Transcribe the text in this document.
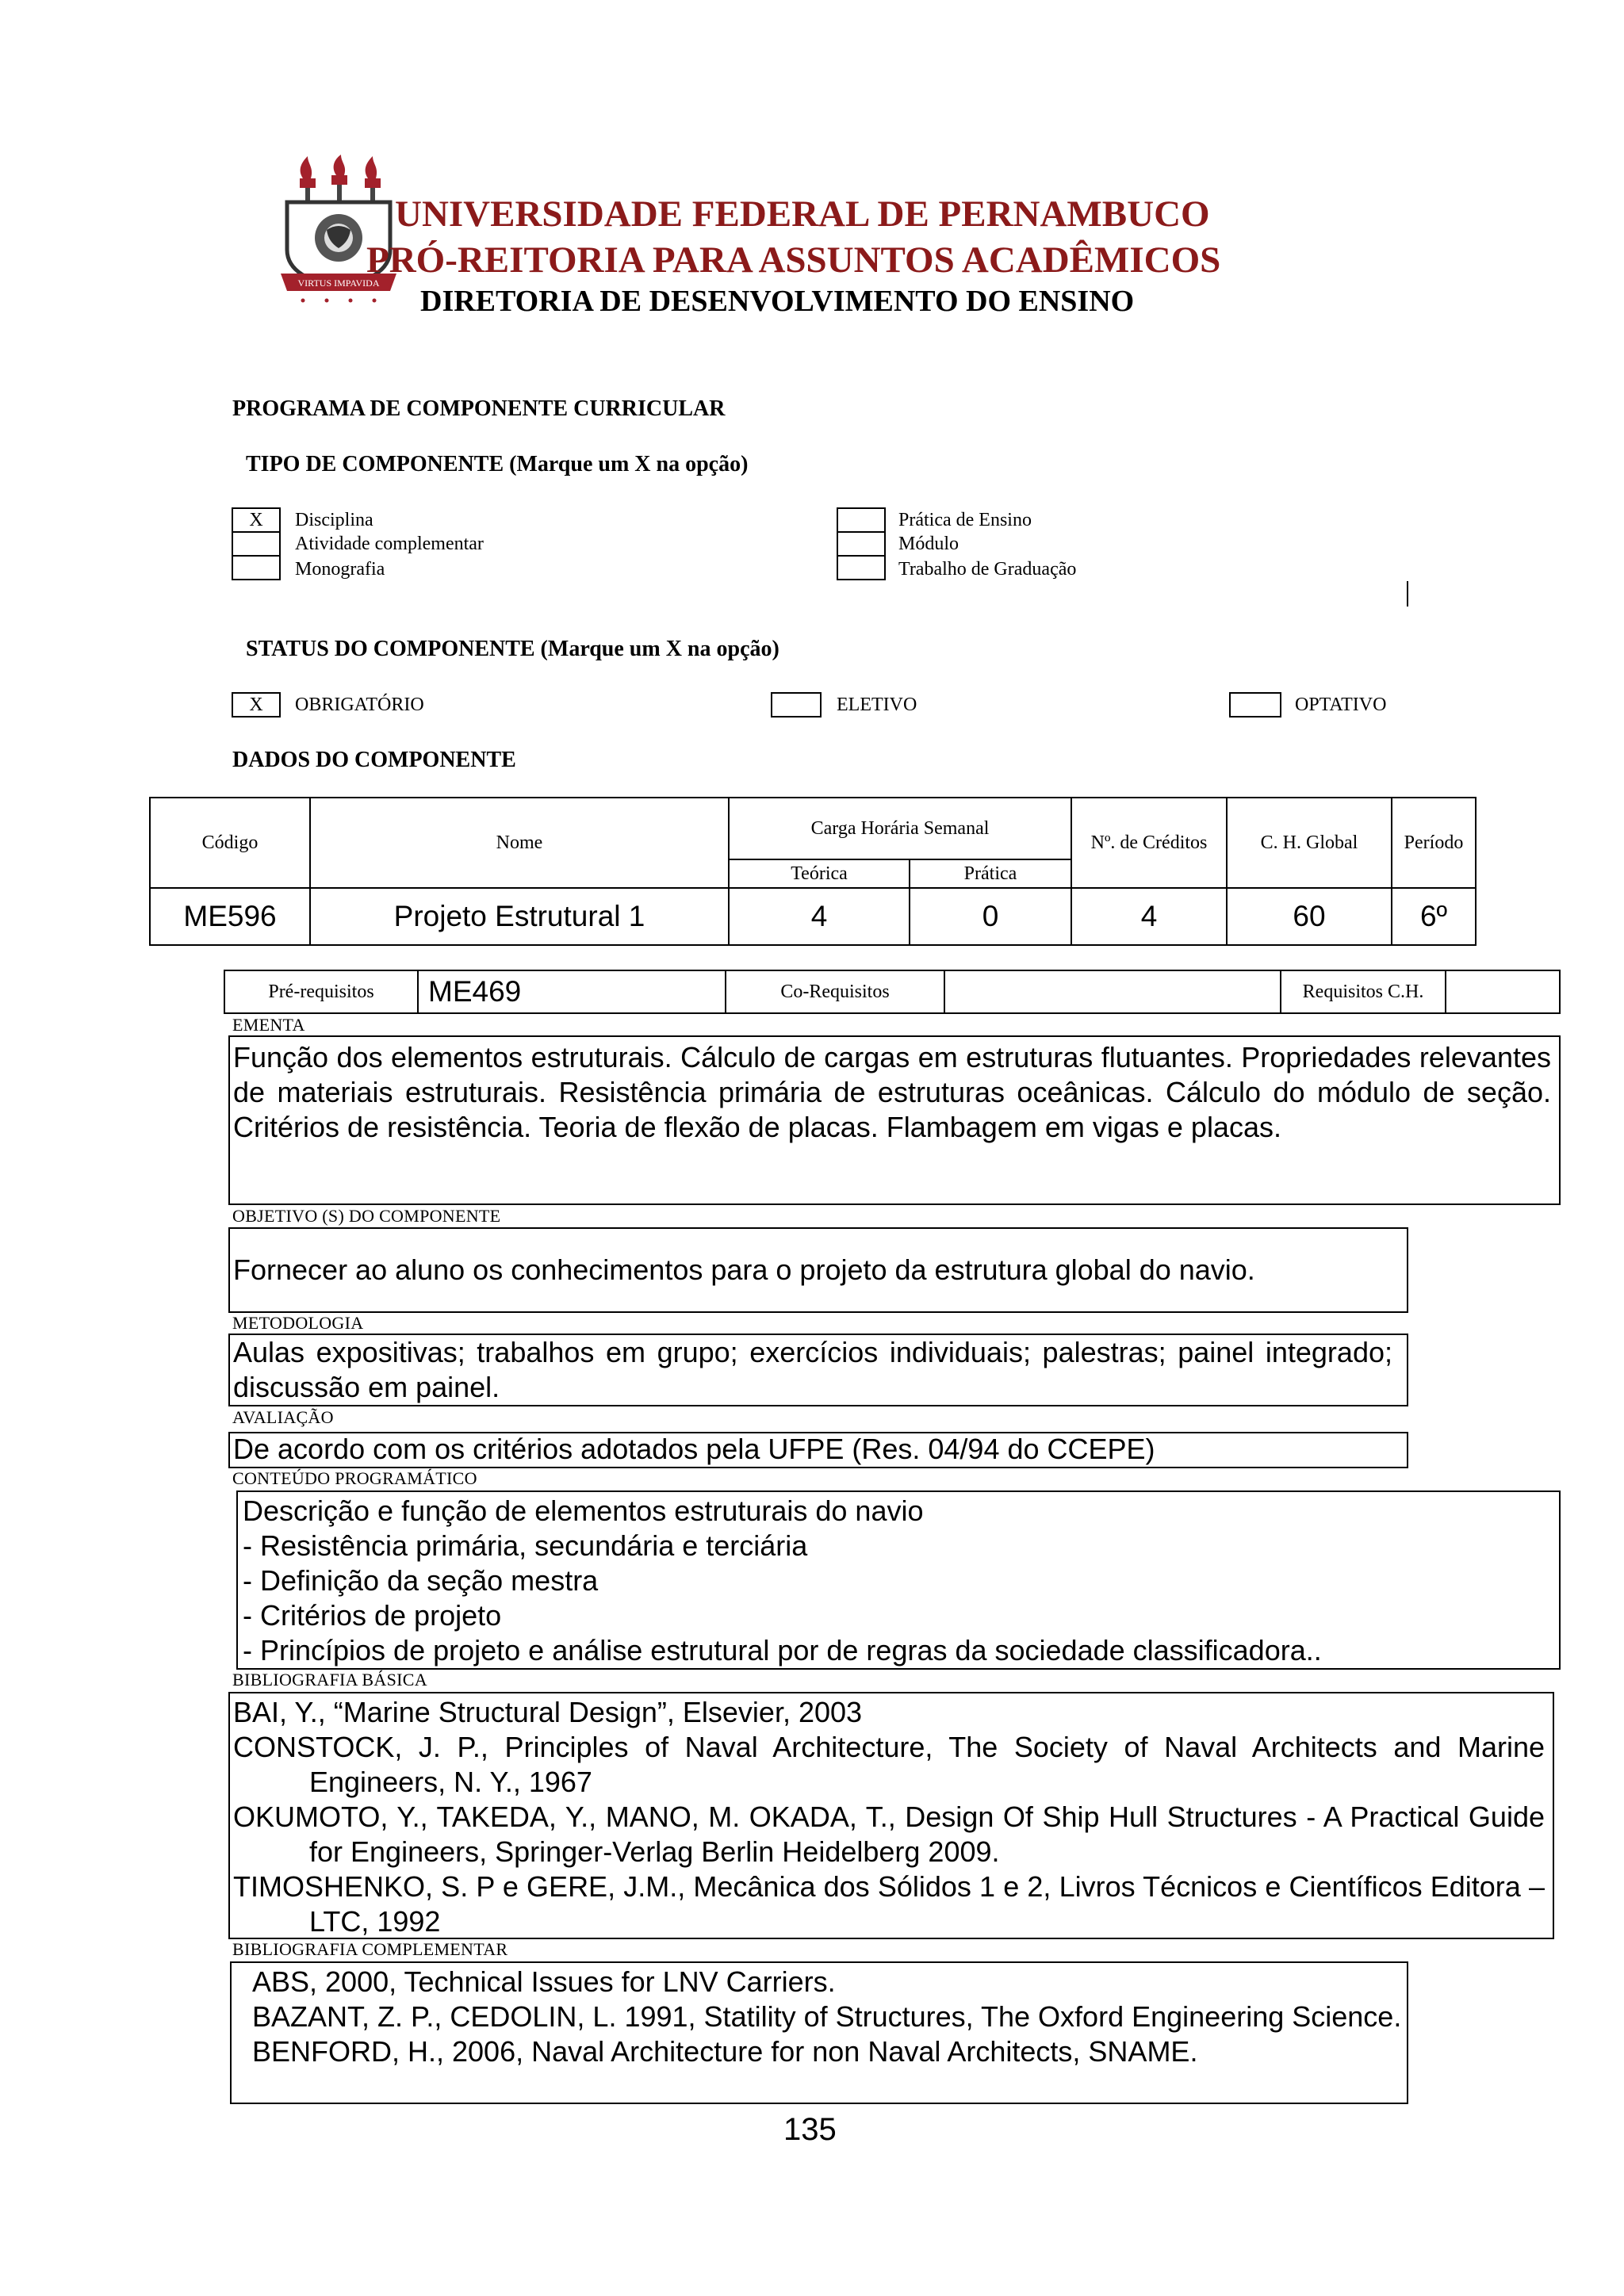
VIRTUS IMPAVIDA
UNIVERSIDADE FEDERAL DE PERNAMBUCO
PRÓ-REITORIA PARA ASSUNTOS ACADÊMICOS
DIRETORIA DE DESENVOLVIMENTO DO ENSINO
PROGRAMA DE COMPONENTE CURRICULAR
TIPO DE COMPONENTE (Marque um X na opção)
X	Disciplina
Atividade complementar
Monografia
Prática de Ensino
Módulo
Trabalho de Graduação
STATUS DO COMPONENTE (Marque um X na opção)
X	OBRIGATÓRIO	ELETIVO	OPTATIVO
DADOS DO COMPONENTE
Código	Nome
Carga Horária Semanal
Teórica	Prática
Nº. de Créditos	C. H. Global	Período
ME596	Projeto Estrutural 1	4	0	4	60	6º
Pré-requisitos	ME469	Co-Requisitos	Requisitos C.H.
EMENTA
Função dos elementos estruturais. Cálculo de cargas em estruturas flutuantes. Propriedades relevantes de materiais estruturais. Resistência primária de estruturas oceânicas. Cálculo do módulo de seção. Critérios de resistência. Teoria de flexão de placas. Flambagem em vigas e placas.
OBJETIVO (S) DO COMPONENTE
Fornecer ao aluno os conhecimentos para o projeto da estrutura global do navio.
METODOLOGIA
Aulas expositivas; trabalhos em grupo; exercícios individuais; palestras; painel integrado; discussão em painel.
AVALIAÇÃO
De acordo com os critérios adotados pela UFPE (Res. 04/94 do CCEPE)
CONTEÚDO PROGRAMÁTICO
Descrição e função de elementos estruturais do navio
- Resistência primária, secundária e terciária
- Definição da seção mestra
- Critérios de projeto
- Princípios de projeto e análise estrutural por de regras da sociedade classificadora..
BIBLIOGRAFIA BÁSICA

BAI, Y., “Marine Structural Design”, Elsevier, 2003

CONSTOCK, J. P., Principles of Naval Architecture, The Society of Naval Architects and Marine Engineers, N. Y., 1967

OKUMOTO, Y., TAKEDA, Y., MANO, M. OKADA, T., Design Of Ship Hull Structures - A Practical Guide for Engineers, Springer-Verlag Berlin Heidelberg 2009.

TIMOSHENKO, S. P e GERE, J.M., Mecânica dos Sólidos 1 e 2, Livros Técnicos e Científicos Editora – LTC, 1992

BIBLIOGRAFIA COMPLEMENTAR

ABS, 2000, Technical Issues for LNV Carriers.

BAZANT, Z. P., CEDOLIN, L. 1991, Statility of Structures, The Oxford Engineering Science.

BENFORD, H., 2006, Naval Architecture for non Naval Architects, SNAME.

135
